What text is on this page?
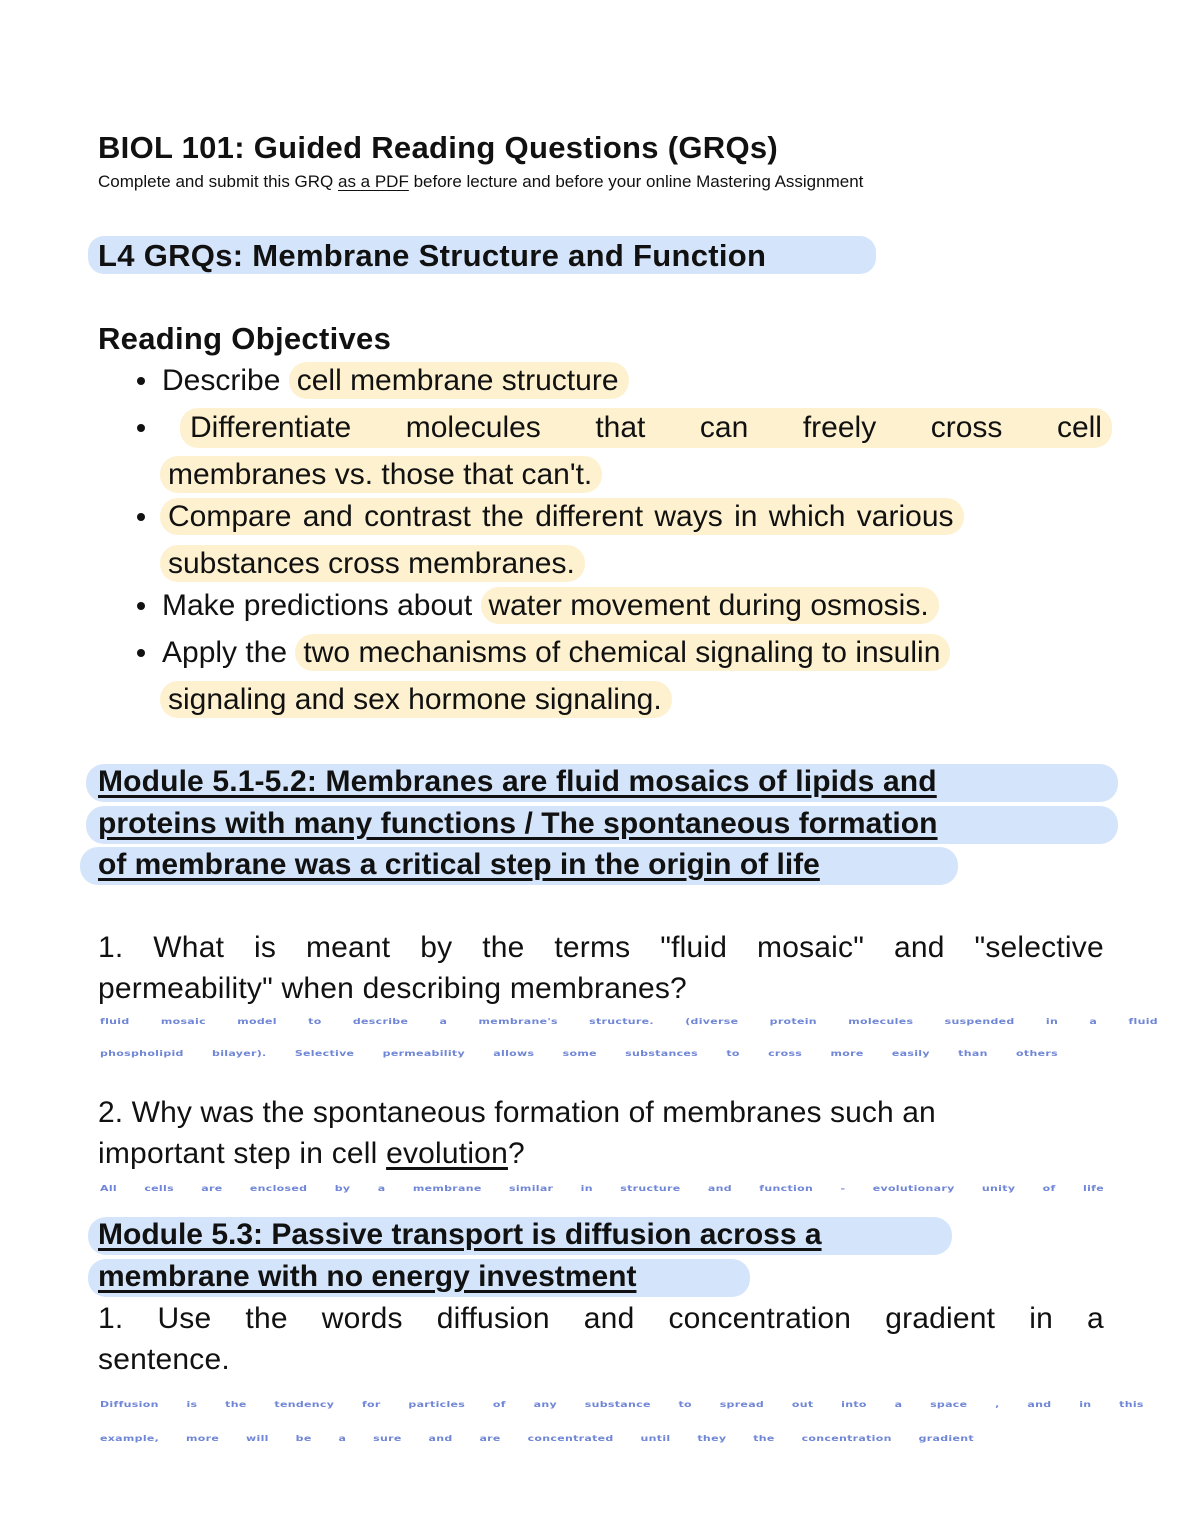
BIOL 101: Guided Reading Questions (GRQs)
Complete and submit this GRQ as a PDF before lecture and before your online Mastering Assignment
L4 GRQs: Membrane Structure and Function
Reading Objectives
Describe cell membrane structure
Differentiate molecules that can freely cross cell
membranes vs. those that can't.
Compare and contrast the different ways in which various
substances cross membranes.
Make predictions about water movement during osmosis.
Apply the two mechanisms of chemical signaling to insulin
signaling and sex hormone signaling.
Module 5.1-5.2: Membranes are fluid mosaics of lipids and
proteins with many functions / The spontaneous formation
of membrane was a critical step in the origin of life
1. What is meant by the terms "fluid mosaic" and "selective
permeability" when describing membranes?
fluid	mosaic	model	to	describe	a	membrane's	structure.	(diverse	protein	molecules	suspended	in	a	fluid
phospholipid	bilayer).	Selective	permeability	allows	some	substances	to	cross	more	easily	than	others
2. Why was the spontaneous formation of membranes such an
important step in cell evolution?
All cells are enclosed by a membrane similar in structure and function - evolutionary unity of life
Module 5.3: Passive transport is diffusion across a
membrane with no energy investment
1. Use the words diffusion and concentration gradient in a
sentence.
Diffusion	is	the	tendency	for	particles	of	any	substance	to	spread	out	into	a	space	,	and	in	this
example, more will be a sure and are concentrated until they the concentration gradient
